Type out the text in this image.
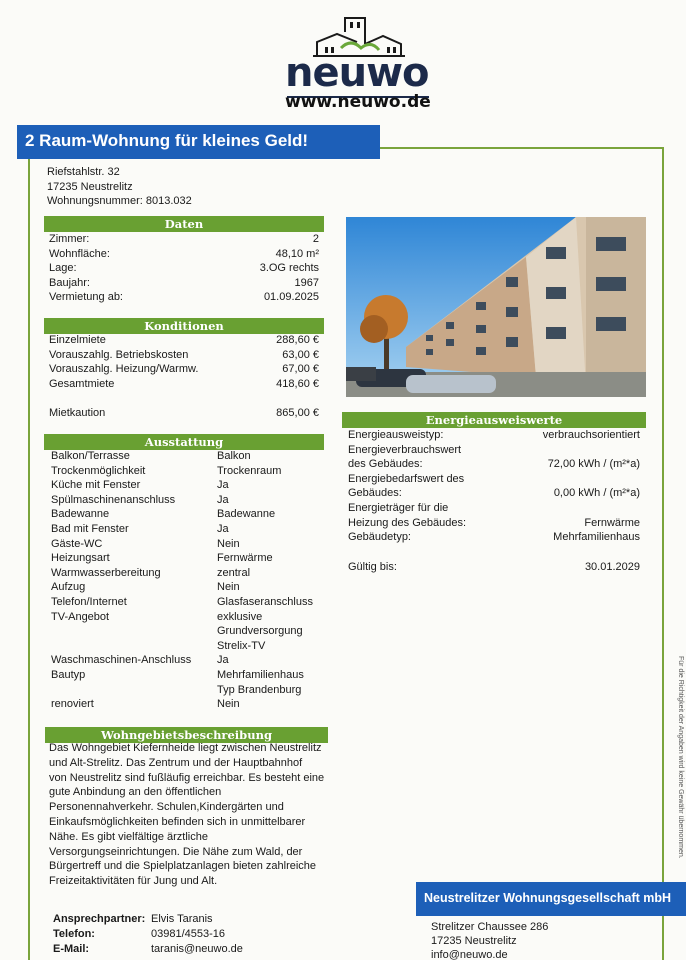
neuwo
www.neuwo.de
2 Raum-Wohnung für kleines Geld!
Riefstahlstr. 32
17235 Neustrelitz
Wohnungsnummer: 8013.032
Daten
Zimmer:	2
Wohnfläche:	48,10 m²
Lage:	3.OG rechts
Baujahr:	1967
Vermietung ab:	01.09.2025
Konditionen
Einzelmiete	288,60 €
Vorauszahlg. Betriebskosten	63,00 €
Vorauszahlg. Heizung/Warmw.	67,00 €
Gesamtmiete	418,60 €
Mietkaution	865,00 €
Ausstattung
Balkon/Terrasse	Balkon
Trockenmöglichkeit	Trockenraum
Küche mit Fenster	Ja
Spülmaschinenanschluss	Ja
Badewanne	Badewanne
Bad mit Fenster	Ja
Gäste-WC	Nein
Heizungsart	Fernwärme
Warmwasserbereitung	zentral
Aufzug	Nein
Telefon/Internet	Glasfaseranschluss
TV-Angebot	exklusive
Grundversorgung
Strelix-TV
Waschmaschinen-Anschluss Ja
Bautyp	Mehrfamilienhaus
Typ Brandenburg
renoviert	Nein
Energieausweiswerte
Energieausweistyp:	verbrauchsorientiert
Energieverbrauchswert
des Gebäudes:	72,00 kWh / (m²*a)
Energiebedarfswert des
Gebäudes:	0,00 kWh / (m²*a)
Energieträger für die
Heizung des Gebäudes:	Fernwärme
Gebäudetyp:	Mehrfamilienhaus
Gültig bis:	30.01.2029
Wohngebietsbeschreibung
Das Wohngebiet Kiefernheide liegt zwischen Neustrelitz
und Alt-Strelitz. Das Zentrum und der Hauptbahnhof
von Neustrelitz sind fußläufig erreichbar. Es besteht eine
gute Anbindung an den öffentlichen
Personennahverkehr. Schulen,Kindergärten und
Einkaufsmöglichkeiten befinden sich in unmittelbarer
Nähe. Es gibt vielfältige ärztliche
Versorgungseinrichtungen. Die Nähe zum Wald, der
Bürgertreff und die Spielplatzanlagen bieten zahlreiche
Freizeitaktivitäten für Jung und Alt.
Ansprechpartner: Elvis Taranis
Telefon:	03981/4553-16
E-Mail:	taranis@neuwo.de
Neustrelitzer Wohnungsgesellschaft mbH
Strelitzer Chaussee 286
17235 Neustrelitz
info@neuwo.de
Für die Richtigkeit der Angaben wird keine Gewähr übernommen.
